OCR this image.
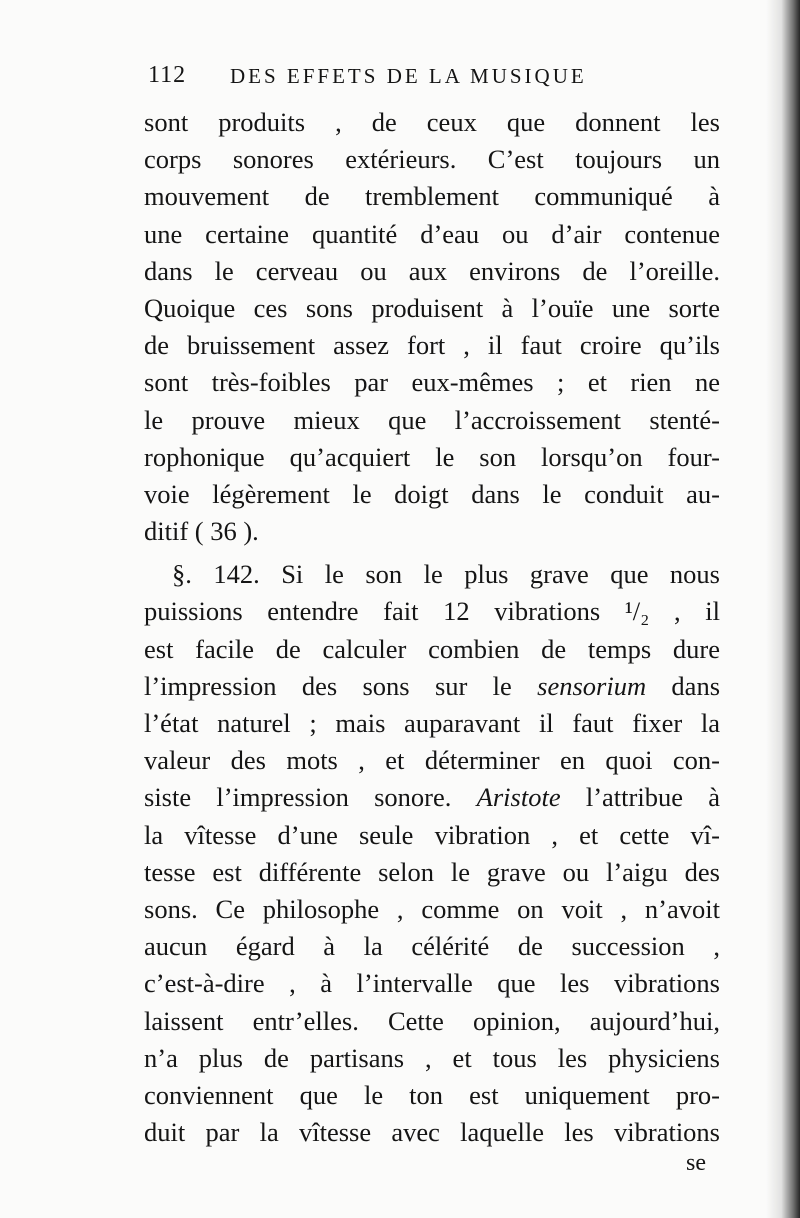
112 DES EFFETS DE LA MUSIQUE
sont produits , de ceux que donnent les
corps sonores extérieurs. C’est toujours un
mouvement de tremblement communiqué à
une certaine quantité d’eau ou d’air contenue
dans le cerveau ou aux environs de l’oreille.
Quoique ces sons produisent à l’ouïe une sorte
de bruissement assez fort , il faut croire qu’ils
sont très-foibles par eux-mêmes ; et rien ne
le prouve mieux que l’accroissement stenté-
rophonique qu’acquiert le son lorsqu’on four-
voie légèrement le doigt dans le conduit au-
ditif ( 36 ).
§. 142. Si le son le plus grave que nous
puissions entendre fait 12 vibrations ¹/₂ , il
est facile de calculer combien de temps dure
l’impression des sons sur le sensorium dans
l’état naturel ; mais auparavant il faut fixer la
valeur des mots , et déterminer en quoi con-
siste l’impression sonore. Aristote l’attribue à
la vîtesse d’une seule vibration , et cette vî-
tesse est différente selon le grave ou l’aigu des
sons. Ce philosophe , comme on voit , n’avoit
aucun égard à la célérité de succession ,
c’est-à-dire , à l’intervalle que les vibrations
laissent entr’elles. Cette opinion, aujourd’hui,
n’a plus de partisans , et tous les physiciens
conviennent que le ton est uniquement pro-
duit par la vîtesse avec laquelle les vibrations
se
